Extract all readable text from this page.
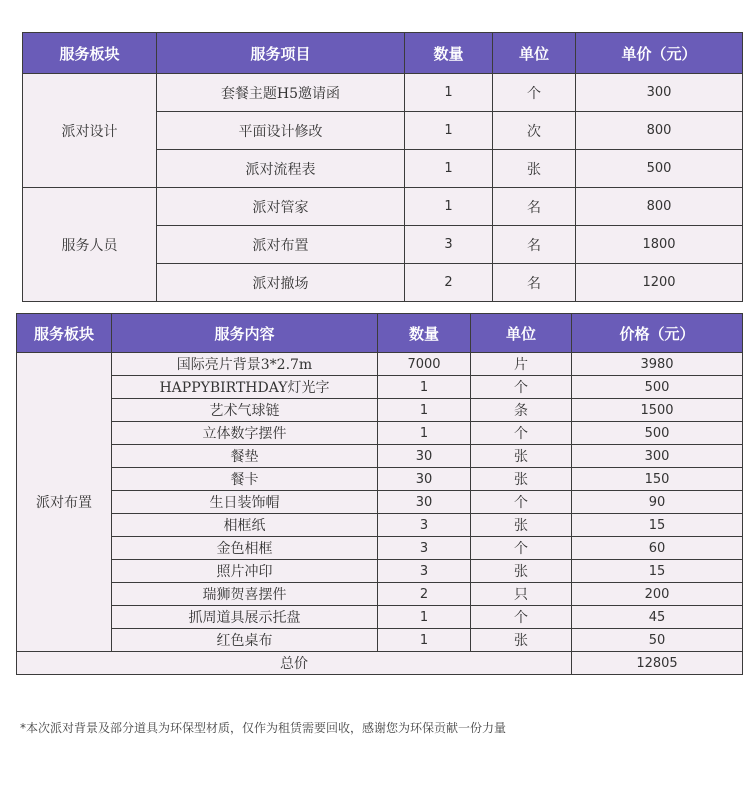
服务板块	服务项目	数量	单位	单价（元）
派对设计	套餐主题H5邀请函	1	个	300
	平面设计修改	1	次	800
	派对流程表	1	张	500
服务人员	派对管家	1	名	800
	派对布置	3	名	1800
	派对撤场	2	名	1200
服务板块	服务内容	数量	单位	价格（元）
派对布置	国际亮片背景3*2.7m	7000	片	3980
	HAPPYBIRTHDAY灯光字	1	个	500
	艺术气球链	1	条	1500
	立体数字摆件	1	个	500
	餐垫	30	张	300
	餐卡	30	张	150
	生日装饰帽	30	个	90
	相框纸	3	张	15
	金色相框	3	个	60
	照片冲印	3	张	15
	瑞狮贺喜摆件	2	只	200
	抓周道具展示托盘	1	个	45
	红色桌布	1	张	50
总价				12805
*本次派对背景及部分道具为环保型材质，仅作为租赁需要回收，感谢您为环保贡献一份力量
